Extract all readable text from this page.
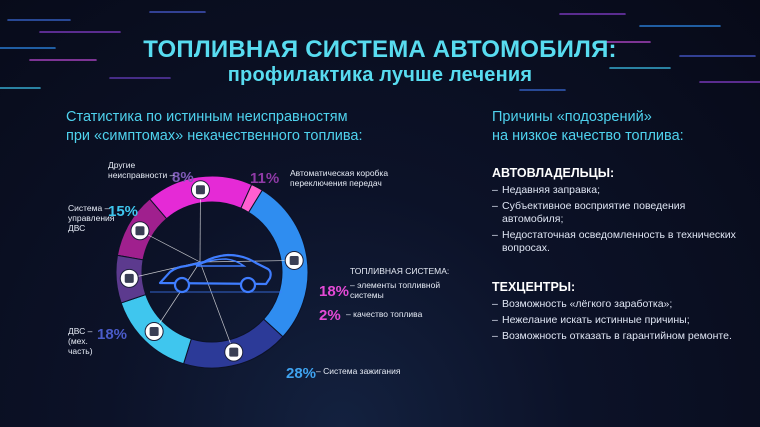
ТОПЛИВНАЯ СИСТЕМА АВТОМОБИЛЯ:
профилактика лучше лечения
Статистика по истинным неисправностям
при «симптомах» некачественного топлива:
Причины «подозрений»
на низкое качество топлива:
АВТОВЛАДЕЛЬЦЫ:
– Недавняя заправка;
– Субъективное восприятие поведения автомобиля;
– Недостаточная осведомленность в технических вопросах.
ТЕХЦЕНТРЫ:
– Возможность «лёгкого заработка»;
– Нежелание искать истинные причины;
– Возможность отказать в гарантийном ремонте.
11% Автоматическая коробка
переключения передач
18% – элементы топливной
системы
2% – качество топлива
28% – Система зажигания
18%
ДВС –
(мех.
часть)
15%
Система –
управления
ДВС
8%
Другие
неисправности –
ТОПЛИВНАЯ СИСТЕМА:
